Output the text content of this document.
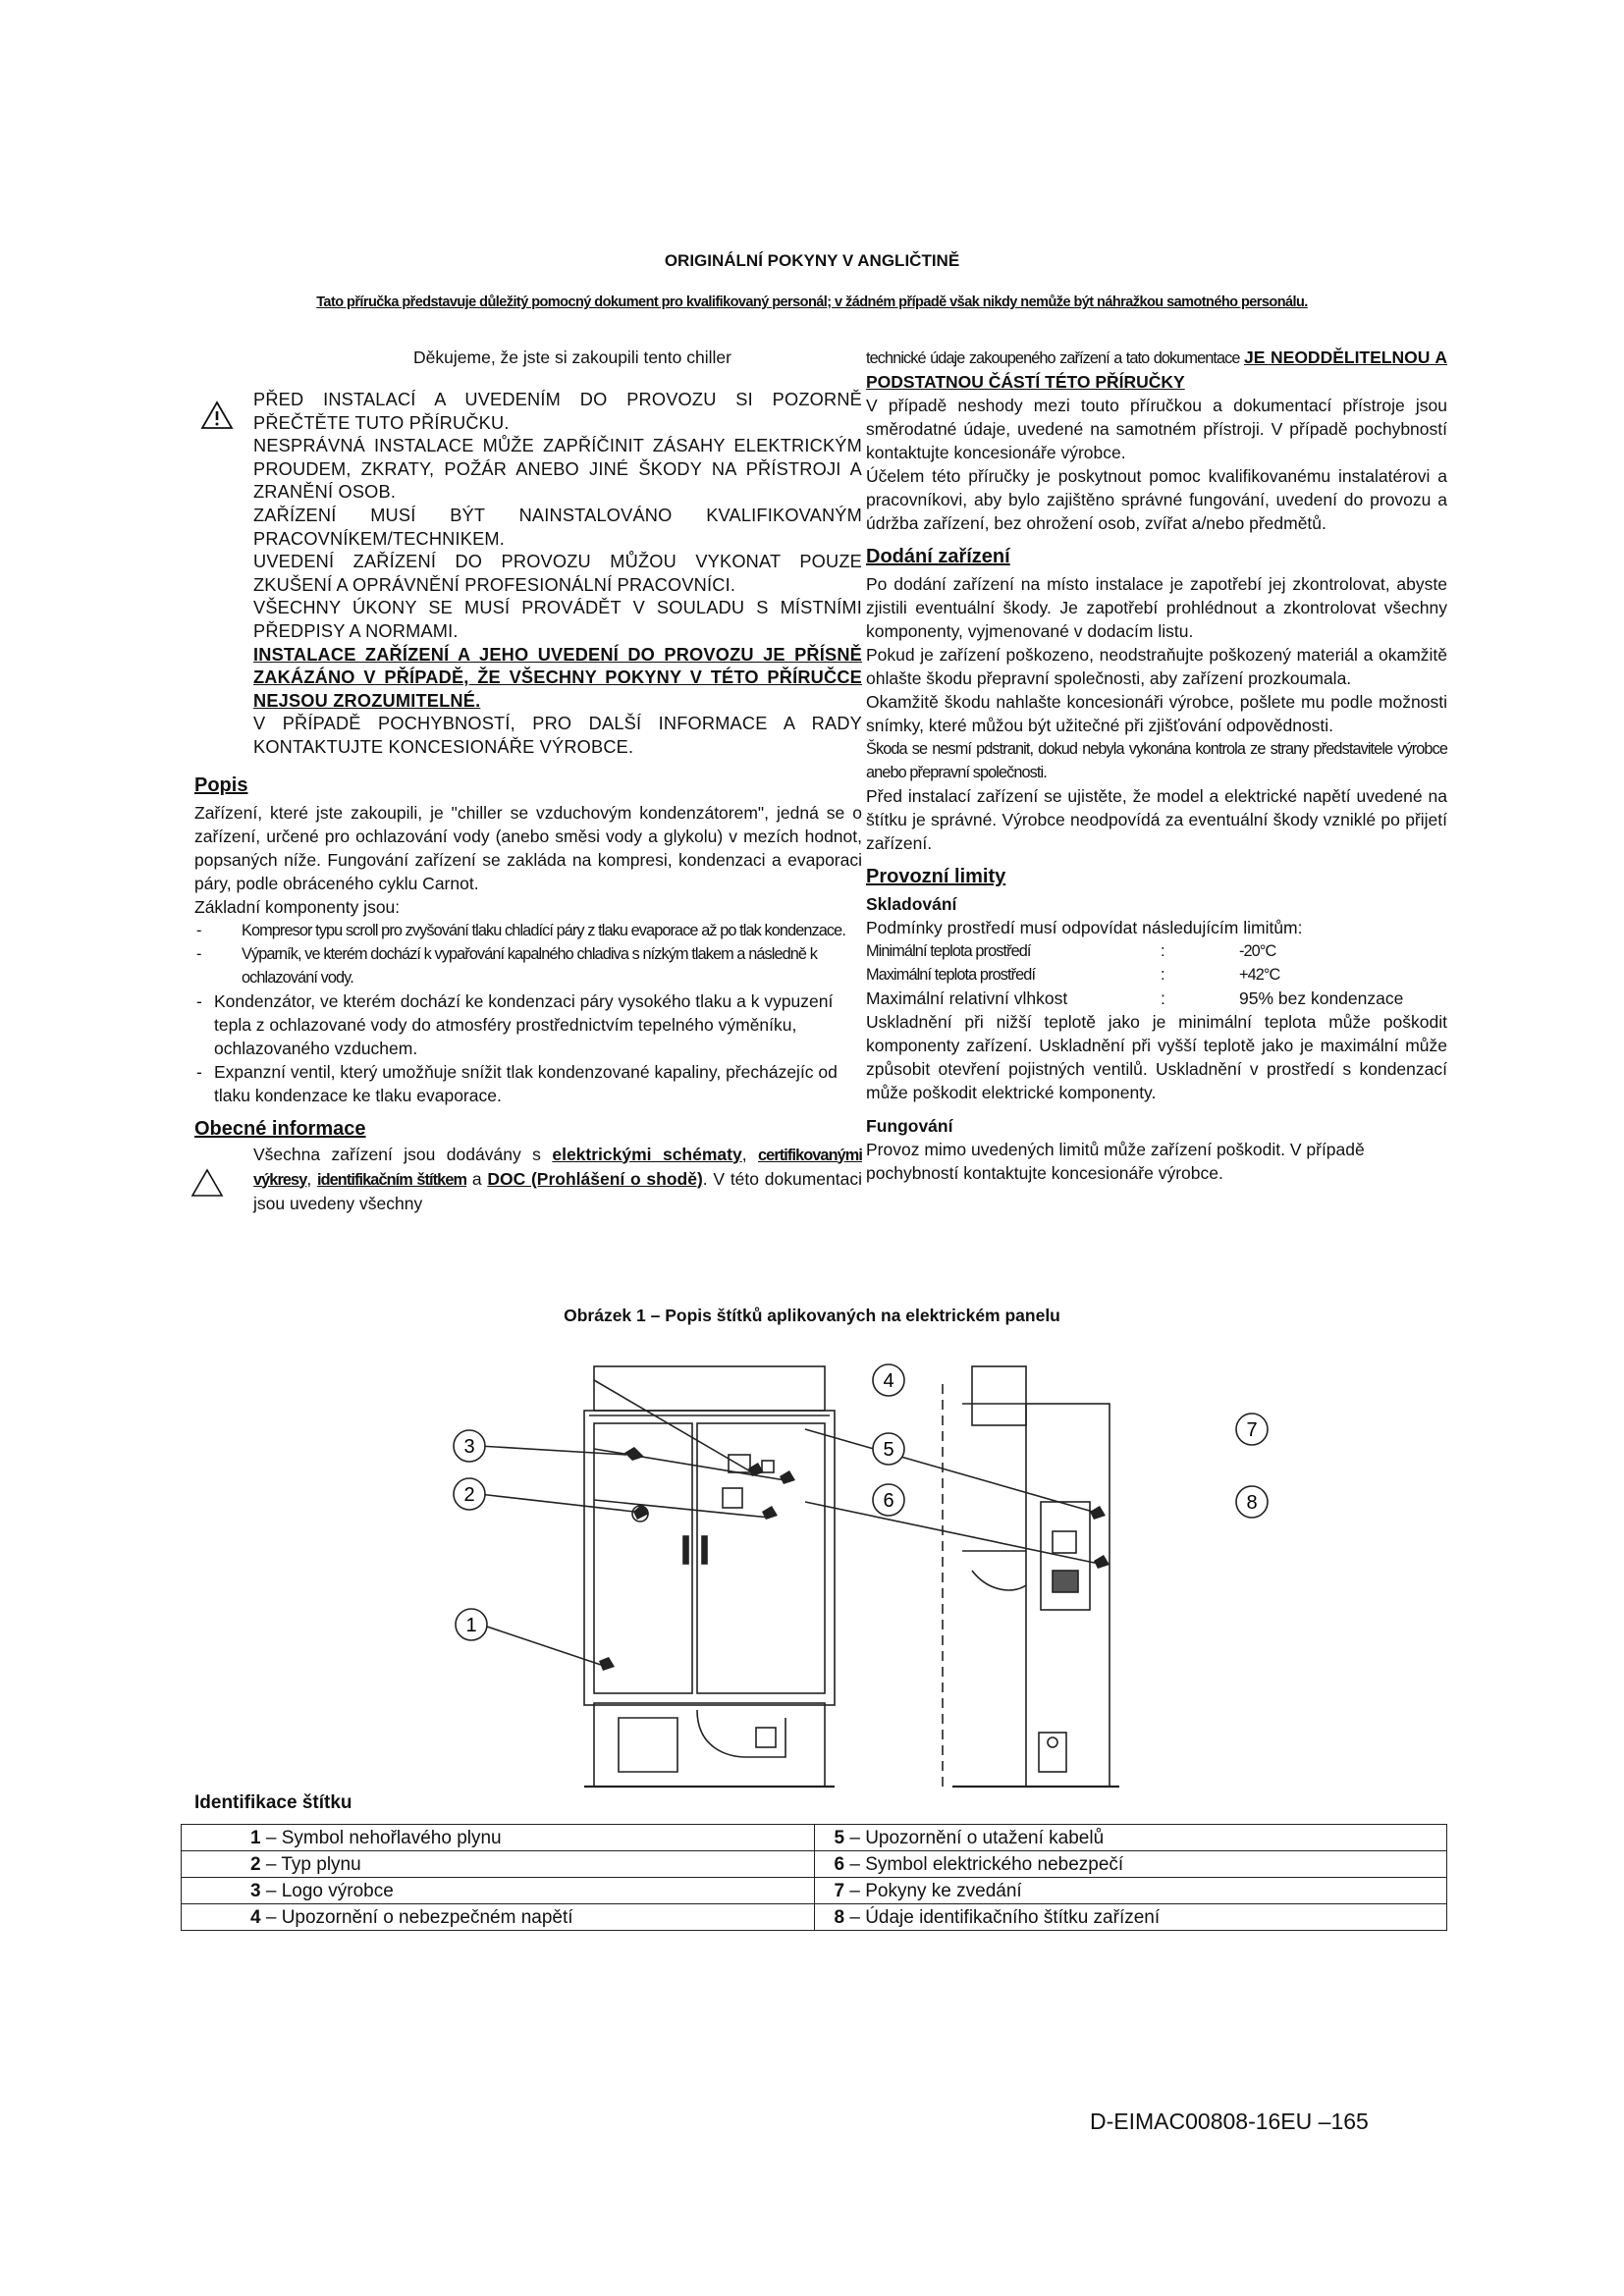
ORIGINÁLNÍ POKYNY V ANGLIČTINĚ
Tato příručka představuje důležitý pomocný dokument pro kvalifikovaný personál; v žádném případě však nikdy nemůže být náhražkou samotného personálu.

Děkujeme, že jste si zakoupili tento chiller

PŘED INSTALACÍ A UVEDENÍM DO PROVOZU SI POZORNĚ PŘEČTĚTE TUTO PŘÍRUČKU.

NESPRÁVNÁ INSTALACE MŮŽE ZAPŘÍČINIT ZÁSAHY ELEKTRICKÝM PROUDEM, ZKRATY, POŽÁR ANEBO JINÉ ŠKODY NA PŘÍSTROJI A ZRANĚNÍ OSOB.

ZAŘÍZENÍ MUSÍ BÝT NAINSTALOVÁNO KVALIFIKOVANÝM PRACOVNÍKEM/TECHNIKEM.

UVEDENÍ ZAŘÍZENÍ DO PROVOZU MŮŽOU VYKONAT POUZE ZKUŠENÍ A OPRÁVNĚNÍ PROFESIONÁLNÍ PRACOVNÍCI.

VŠECHNY ÚKONY SE MUSÍ PROVÁDĚT V SOULADU S MÍSTNÍMI PŘEDPISY A NORMAMI.

INSTALACE ZAŘÍZENÍ A JEHO UVEDENÍ DO PROVOZU JE PŘÍSNĚ ZAKÁZÁNO V PŘÍPADĚ, ŽE VŠECHNY POKYNY V TÉTO PŘÍRUČCE NEJSOU ZROZUMITELNÉ.

V PŘÍPADĚ POCHYBNOSTÍ, PRO DALŠÍ INFORMACE A RADY KONTAKTUJTE KONCESIONÁŘE VÝROBCE.

Popis

Zařízení, které jste zakoupili, je "chiller se vzduchovým kondenzátorem", jedná se o zařízení, určené pro ochlazování vody (anebo směsi vody a glykolu) v mezích hodnot, popsaných níže. Fungování zařízení se zakláda na kompresi, kondenzaci a evaporaci páry, podle obráceného cyklu Carnot.

Základní komponenty jsou:

-	Kompresor typu scroll pro zvyšování tlaku chladící páry z tlaku evaporace až po tlak kondenzace.
-	Výparník, ve kterém dochází k vypařování kapalného chladiva s nízkým tlakem a následně k ochlazování vody.
- Kondenzátor, ve kterém dochází ke kondenzaci páry vysokého tlaku a k vypuzení tepla z ochlazované vody do atmosféry prostřednictvím tepelného výměníku, ochlazovaného vzduchem.
- Expanzní ventil, který umožňuje snížit tlak kondenzované kapaliny, přecházejíc od tlaku kondenzace ke tlaku evaporace.

Obecné informace

Všechna zařízení jsou dodávány s elektrickými schématy, certifikovanými výkresy, identifikačním štítkem a DOC (Prohlášení o shodě). V této dokumentaci jsou uvedeny všechny

technické údaje zakoupeného zařízení a tato dokumentace JE NEODDĚLITELNOU A PODSTATNOU ČÁSTÍ TÉTO PŘÍRUČKY

V případě neshody mezi touto příručkou a dokumentací přístroje jsou směrodatné údaje, uvedené na samotném přístroji. V případě pochybností kontaktujte koncesionáře výrobce.

Účelem této příručky je poskytnout pomoc kvalifikovanému instalatérovi a pracovníkovi, aby bylo zajištěno správné fungování, uvedení do provozu a údržba zařízení, bez ohrožení osob, zvířat a/nebo předmětů.

Dodání zařízení

Po dodání zařízení na místo instalace je zapotřebí jej zkontrolovat, abyste zjistili eventuální škody. Je zapotřebí prohlédnout a zkontrolovat všechny komponenty, vyjmenované v dodacím listu.

Pokud je zařízení poškozeno, neodstraňujte poškozený materiál a okamžitě ohlašte škodu přepravní společnosti, aby zařízení prozkoumala.

Okamžitě škodu nahlašte koncesionáři výrobce, pošlete mu podle možnosti snímky, které můžou být užitečné při zjišťování odpovědnosti.

Škoda se nesmí pdstranit, dokud nebyla vykonána kontrola ze strany představitele výrobce anebo přepravní společnosti.

Před instalací zařízení se ujistěte, že model a elektrické napětí uvedené na štítku je správné. Výrobce neodpovídá za eventuální škody vzniklé po přijetí zařízení.

Provozní limity

Skladování

Podmínky prostředí musí odpovídat následujícím limitům:

Minimální teplota prostředí	:	-20°C
Maximální teplota prostředí	:	+42°C
Maximální relativní vlhkost	:	95% bez kondenzace

Uskladnění při nižší teplotě jako je minimální teplota může poškodit komponenty zařízení. Uskladnění při vyšší teplotě jako je maximální může způsobit otevření pojistných ventilů. Uskladnění v prostředí s kondenzací může poškodit elektrické komponenty.

Fungování

Provoz mimo uvedených limitů může zařízení poškodit. V případě pochybností kontaktujte koncesionáře výrobce.

Obrázek 1 – Popis štítků aplikovaných na elektrickém panelu
3
2
1
4
5
6
7
8
Identifikace štítku
1 – Symbol nehořlavého plynu	5 – Upozornění o utažení kabelů
2 – Typ plynu	6 – Symbol elektrického nebezpečí
3 – Logo výrobce	7 – Pokyny ke zvedání
4 – Upozornění o nebezpečném napětí	8 – Údaje identifikačního štítku zařízení
D-EIMAC00808-16EU –165
